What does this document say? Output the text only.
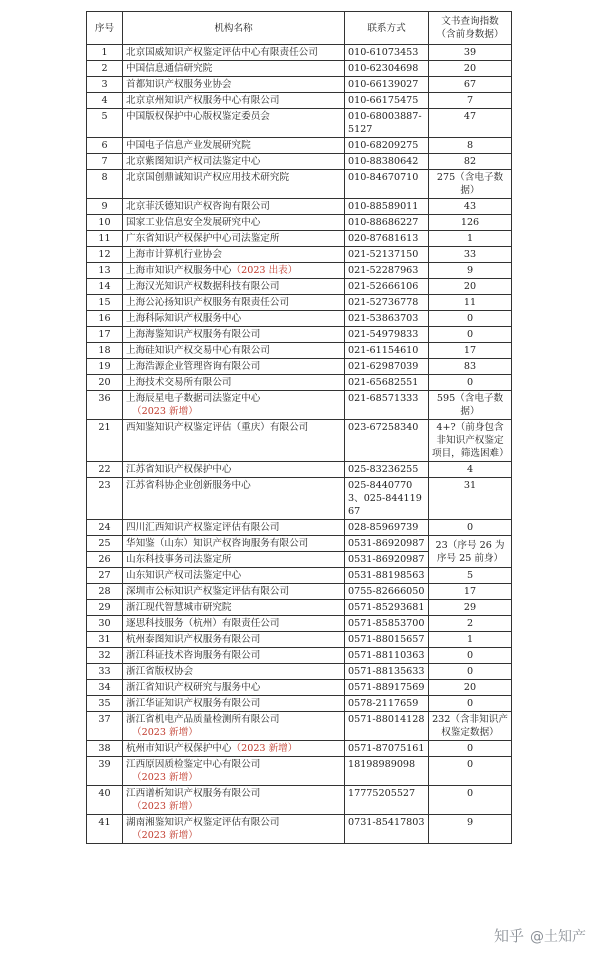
序号	机构名称	联系方式	文书查询指数（含前身数据）
1	北京国威知识产权鉴定评估中心有限责任公司	010-61073453	39
2	中国信息通信研究院	010-62304698	20
3	首都知识产权服务业协会	010-66139027	67
4	北京京州知识产权服务中心有限公司	010-66175475	7
5	中国版权保护中心版权鉴定委员会	010-68003887-5127	47
6	中国电子信息产业发展研究院	010-68209275	8
7	北京紫图知识产权司法鉴定中心	010-88380642	82
8	北京国创鼎诚知识产权应用技术研究院	010-84670710	275（含电子数据）
9	北京菲沃德知识产权咨询有限公司	010-88589011	43
10	国家工业信息安全发展研究中心	010-88686227	126
11	广东省知识产权保护中心司法鉴定所	020-87681613	1
12	上海市计算机行业协会	021-52137150	33
13	上海市知识产权服务中心（2023 出表）	021-52287963	9
14	上海汉光知识产权数据科技有限公司	021-52666106	20
15	上海公沁扬知识产权服务有限责任公司	021-52736778	11
16	上海科际知识产权服务中心	021-53863703	0
17	上海海鉴知识产权服务有限公司	021-54979833	0
18	上海硅知识产权交易中心有限公司	021-61154610	17
19	上海浩源企业管理咨询有限公司	021-62987039	83
20	上海技术交易所有限公司	021-65682551	0
36	上海辰星电子数据司法鉴定中心
（2023 新增）	021-68571333	595（含电子数据）
21	西知鉴知识产权鉴定评估（重庆）有限公司	023-67258340	4+?（前身包含非知识产权鉴定项目，筛选困难）
22	江苏省知识产权保护中心	025-83236255	4
23	江苏省科协企业创新服务中心	025-84407703、025-84411967	31
24	四川汇西知识产权鉴定评估有限公司	028-85969739	0
25	华知鉴（山东）知识产权咨询服务有限公司	0531-86920987	23（序号 26 为序号 25 前身）
26	山东科技事务司法鉴定所	0531-86920987	
27	山东知识产权司法鉴定中心	0531-88198563	5
28	深圳市公标知识产权鉴定评估有限公司	0755-82666050	17
29	浙江现代智慧城市研究院	0571-85293681	29
30	逐思科技服务（杭州）有限责任公司	0571-85853700	2
31	杭州泰图知识产权服务有限公司	0571-88015657	1
32	浙江科证技术咨询服务有限公司	0571-88110363	0
33	浙江省版权协会	0571-88135633	0
34	浙江省知识产权研究与服务中心	0571-88917569	20
35	浙江华证知识产权服务有限公司	0578-2117659	0
37	浙江省机电产品质量检测所有限公司
（2023 新增）	0571-88014128	232（含非知识产权鉴定数据）
38	杭州市知识产权保护中心（2023 新增）	0571-87075161	0
39	江西原因质检鉴定中心有限公司
（2023 新增）	18198989098	0
40	江西谱析知识产权服务有限公司
（2023 新增）	17775205527	0
41	湖南湘鉴知识产权鉴定评估有限公司
（2023 新增）	0731-85417803	9
知乎 @土知产
